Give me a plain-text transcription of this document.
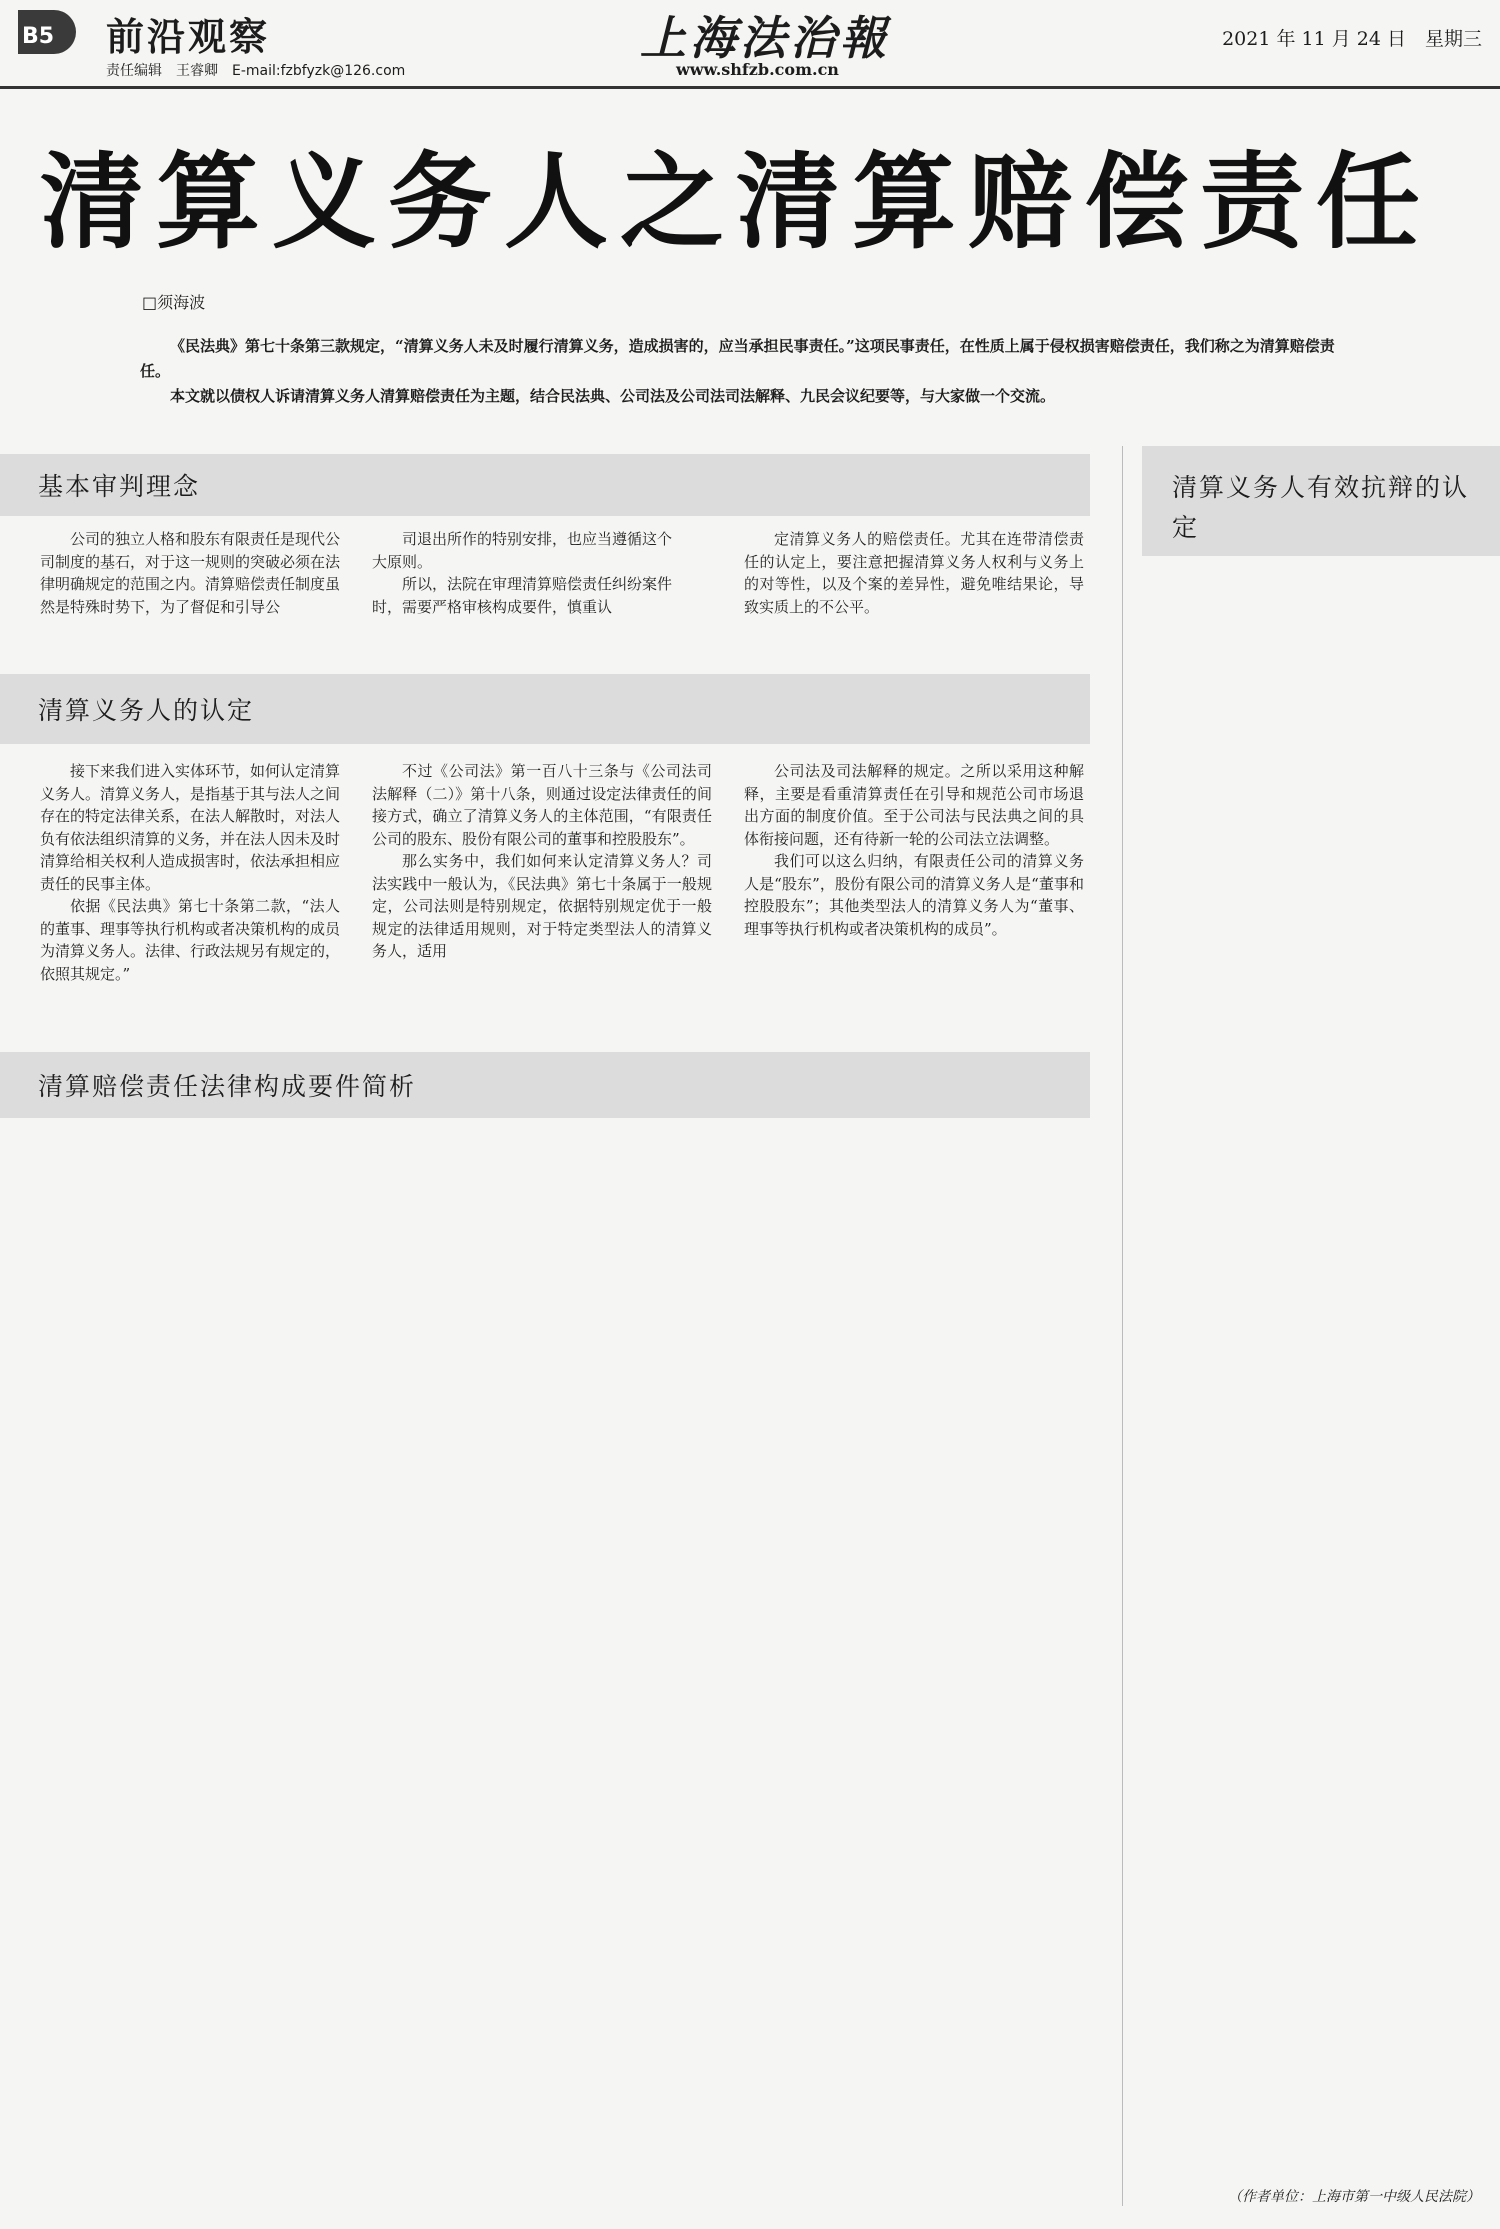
B5	前沿观察
责任编辑　王睿卿　E-mail:fzbfyzk@126.com
上海法治報
www.shfzb.com.cn
2021 年 11 月 24 日　星期三
清算义务人之清算赔偿责任
□须海波

《民法典》第七十条第三款规定，“清算义务人未及时履行清算义务，造成损害的，应当承担民事责任。”这项民事责任，在性质上属于侵权损害赔偿责任，我们称之为清算赔偿责任。

本文就以债权人诉请清算义务人清算赔偿责任为主题，结合民法典、公司法及公司法司法解释、九民会议纪要等，与大家做一个交流。

基本审判理念

公司的独立人格和股东有限责任是现代公司制度的基石，对于这一规则的突破必须在法律明确规定的范围之内。清算赔偿责任制度虽然是特殊时势下，为了督促和引导公

司退出所作的特别安排，也应当遵循这个大原则。

所以，法院在审理清算赔偿责任纠纷案件时，需要严格审核构成要件，慎重认

定清算义务人的赔偿责任。尤其在连带清偿责任的认定上，要注意把握清算义务人权利与义务上的对等性，以及个案的差异性，避免唯结果论，导致实质上的不公平。

清算义务人的认定

接下来我们进入实体环节，如何认定清算义务人。清算义务人，是指基于其与法人之间存在的特定法律关系，在法人解散时，对法人负有依法组织清算的义务，并在法人因未及时清算给相关权利人造成损害时，依法承担相应责任的民事主体。

依据《民法典》第七十条第二款，“法人的董事、理事等执行机构或者决策机构的成员为清算义务人。法律、行政法规另有规定的，依照其规定。”

不过《公司法》第一百八十三条与《公司法司法解释（二）》第十八条，则通过设定法律责任的间接方式，确立了清算义务人的主体范围，“有限责任公司的股东、股份有限公司的董事和控股股东”。

那么实务中，我们如何来认定清算义务人？司法实践中一般认为，《民法典》第七十条属于一般规定，公司法则是特别规定，依据特别规定优于一般规定的法律适用规则，对于特定类型法人的清算义务人，适用

公司法及司法解释的规定。之所以采用这种解释，主要是看重清算责任在引导和规范公司市场退出方面的制度价值。至于公司法与民法典之间的具体衔接问题，还有待新一轮的公司法立法调整。

我们可以这么归纳，有限责任公司的清算义务人是“股东”，股份有限公司的清算义务人是“董事和控股股东”；其他类型法人的清算义务人为“董事、理事等执行机构或者决策机构的成员”。

清算赔偿责任法律构成要件简析
清算义务人有效抗辩的认定
（作者单位：上海市第一中级人民法院）
